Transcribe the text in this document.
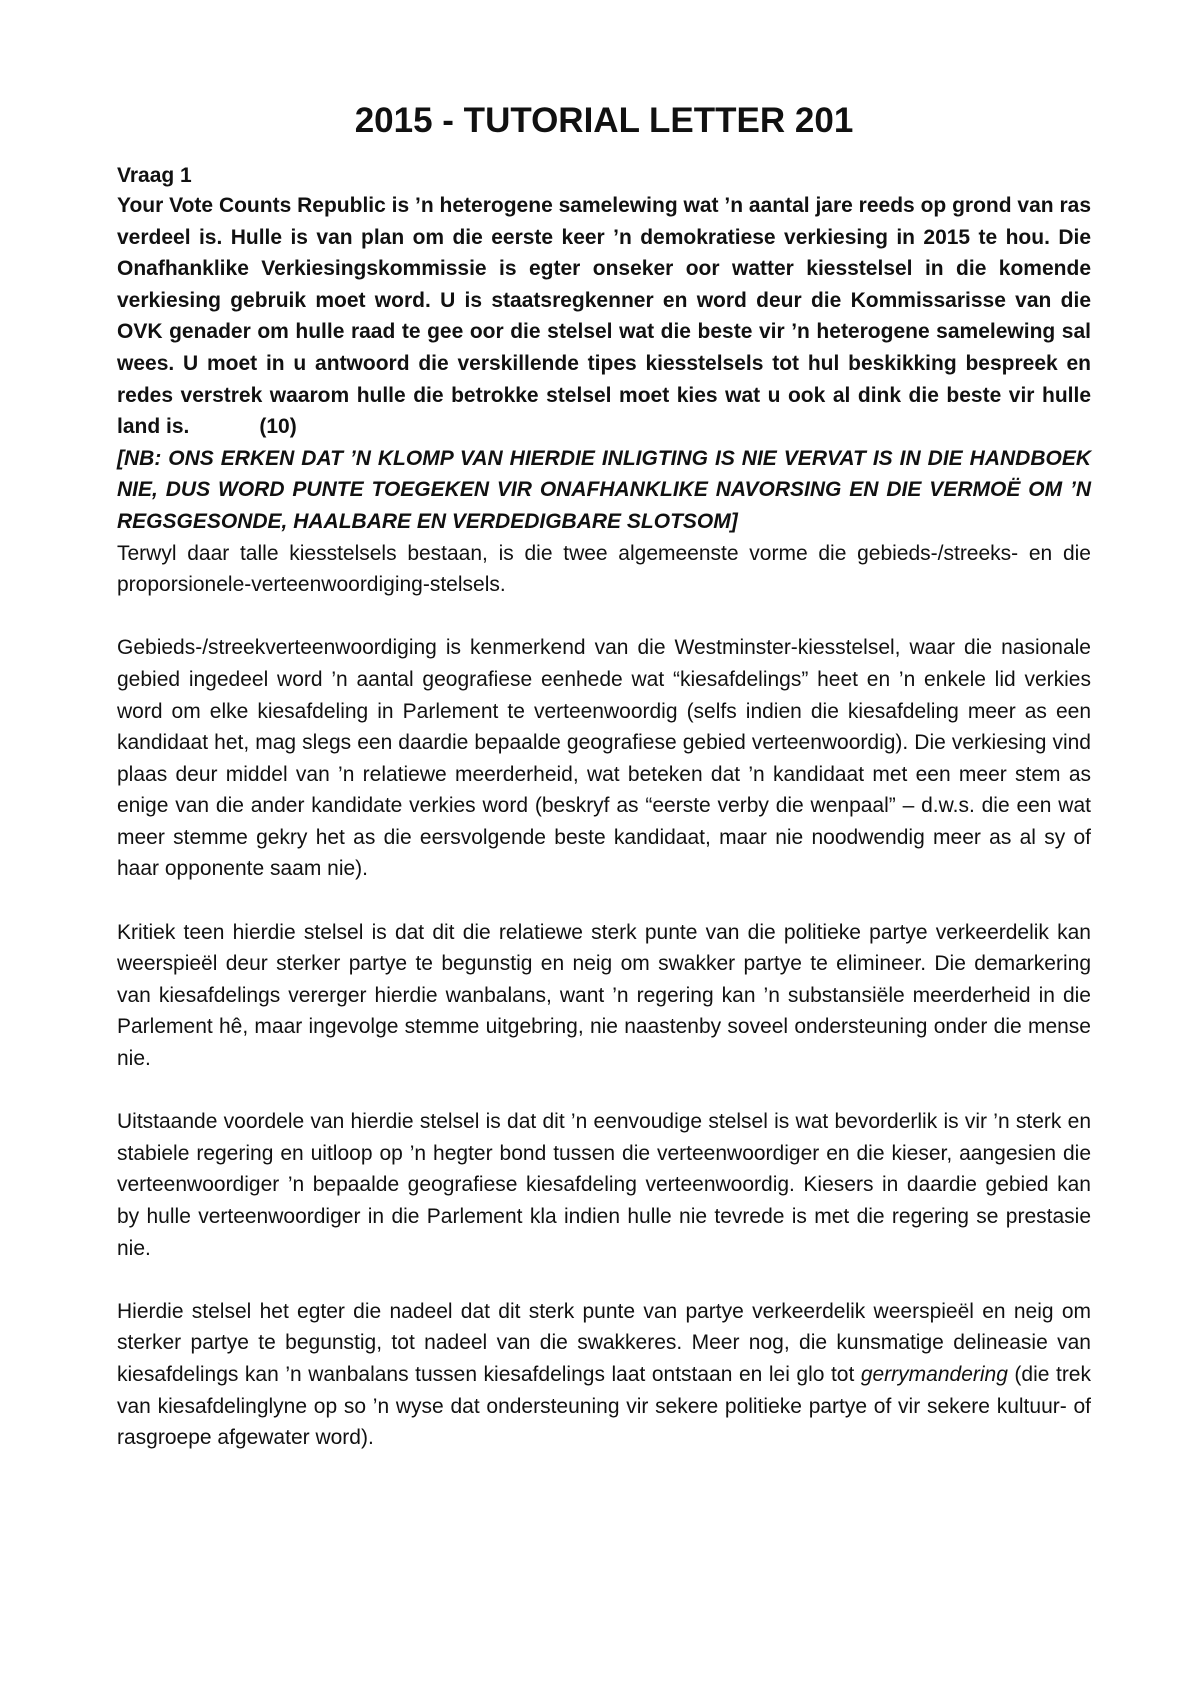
2015 - TUTORIAL LETTER 201

Vraag 1

Your Vote Counts Republic is ’n heterogene samelewing wat ’n aantal jare reeds op grond van ras verdeel is. Hulle is van plan om die eerste keer ’n demokratiese verkiesing in 2015 te hou. Die Onafhanklike Verkiesingskommissie is egter onseker oor watter kiesstelsel in die komende verkiesing gebruik moet word. U is staatsregkenner en word deur die Kommissarisse van die OVK genader om hulle raad te gee oor die stelsel wat die beste vir ’n heterogene samelewing sal wees. U moet in u antwoord die verskillende tipes kiesstelsels tot hul beskikking bespreek en redes verstrek waarom hulle die betrokke stelsel moet kies wat u ook al dink die beste vir hulle land is.	(10)

[NB: ONS ERKEN DAT ’N KLOMP VAN HIERDIE INLIGTING IS NIE VERVAT IS IN DIE HANDBOEK NIE, DUS WORD PUNTE TOEGEKEN VIR ONAFHANKLIKE NAVORSING EN DIE VERMOË OM ’N REGSGESONDE, HAALBARE EN VERDEDIGBARE SLOTSOM]

Terwyl daar talle kiesstelsels bestaan, is die twee algemeenste vorme die gebieds-/streeks- en die proporsionele-verteenwoordiging-stelsels.

Gebieds-/streekverteenwoordiging is kenmerkend van die Westminster-kiesstelsel, waar die nasionale gebied ingedeel word ’n aantal geografiese eenhede wat “kiesafdelings” heet en ’n enkele lid verkies word om elke kiesafdeling in Parlement te verteenwoordig (selfs indien die kiesafdeling meer as een kandidaat het, mag slegs een daardie bepaalde geografiese gebied verteenwoordig). Die verkiesing vind plaas deur middel van ’n relatiewe meerderheid, wat beteken dat ’n kandidaat met een meer stem as enige van die ander kandidate verkies word (beskryf as “eerste verby die wenpaal” – d.w.s. die een wat meer stemme gekry het as die eersvolgende beste kandidaat, maar nie noodwendig meer as al sy of haar opponente saam nie).

Kritiek teen hierdie stelsel is dat dit die relatiewe sterk punte van die politieke partye verkeerdelik kan weerspieël deur sterker partye te begunstig en neig om swakker partye te elimineer. Die demarkering van kiesafdelings vererger hierdie wanbalans, want ’n regering kan ’n substansiële meerderheid in die Parlement hê, maar ingevolge stemme uitgebring, nie naastenby soveel ondersteuning onder die mense nie.

Uitstaande voordele van hierdie stelsel is dat dit ’n eenvoudige stelsel is wat bevorderlik is vir ’n sterk en stabiele regering en uitloop op ’n hegter bond tussen die verteenwoordiger en die kieser, aangesien die verteenwoordiger ’n bepaalde geografiese kiesafdeling verteenwoordig. Kiesers in daardie gebied kan by hulle verteenwoordiger in die Parlement kla indien hulle nie tevrede is met die regering se prestasie nie.

Hierdie stelsel het egter die nadeel dat dit sterk punte van partye verkeerdelik weerspieël en neig om sterker partye te begunstig, tot nadeel van die swakkeres. Meer nog, die kunsmatige delineasie van kiesafdelings kan ’n wanbalans tussen kiesafdelings laat ontstaan en lei glo tot gerrymandering (die trek van kiesafdelinglyne op so ’n wyse dat ondersteuning vir sekere politieke partye of vir sekere kultuur- of rasgroepe afgewater word).
